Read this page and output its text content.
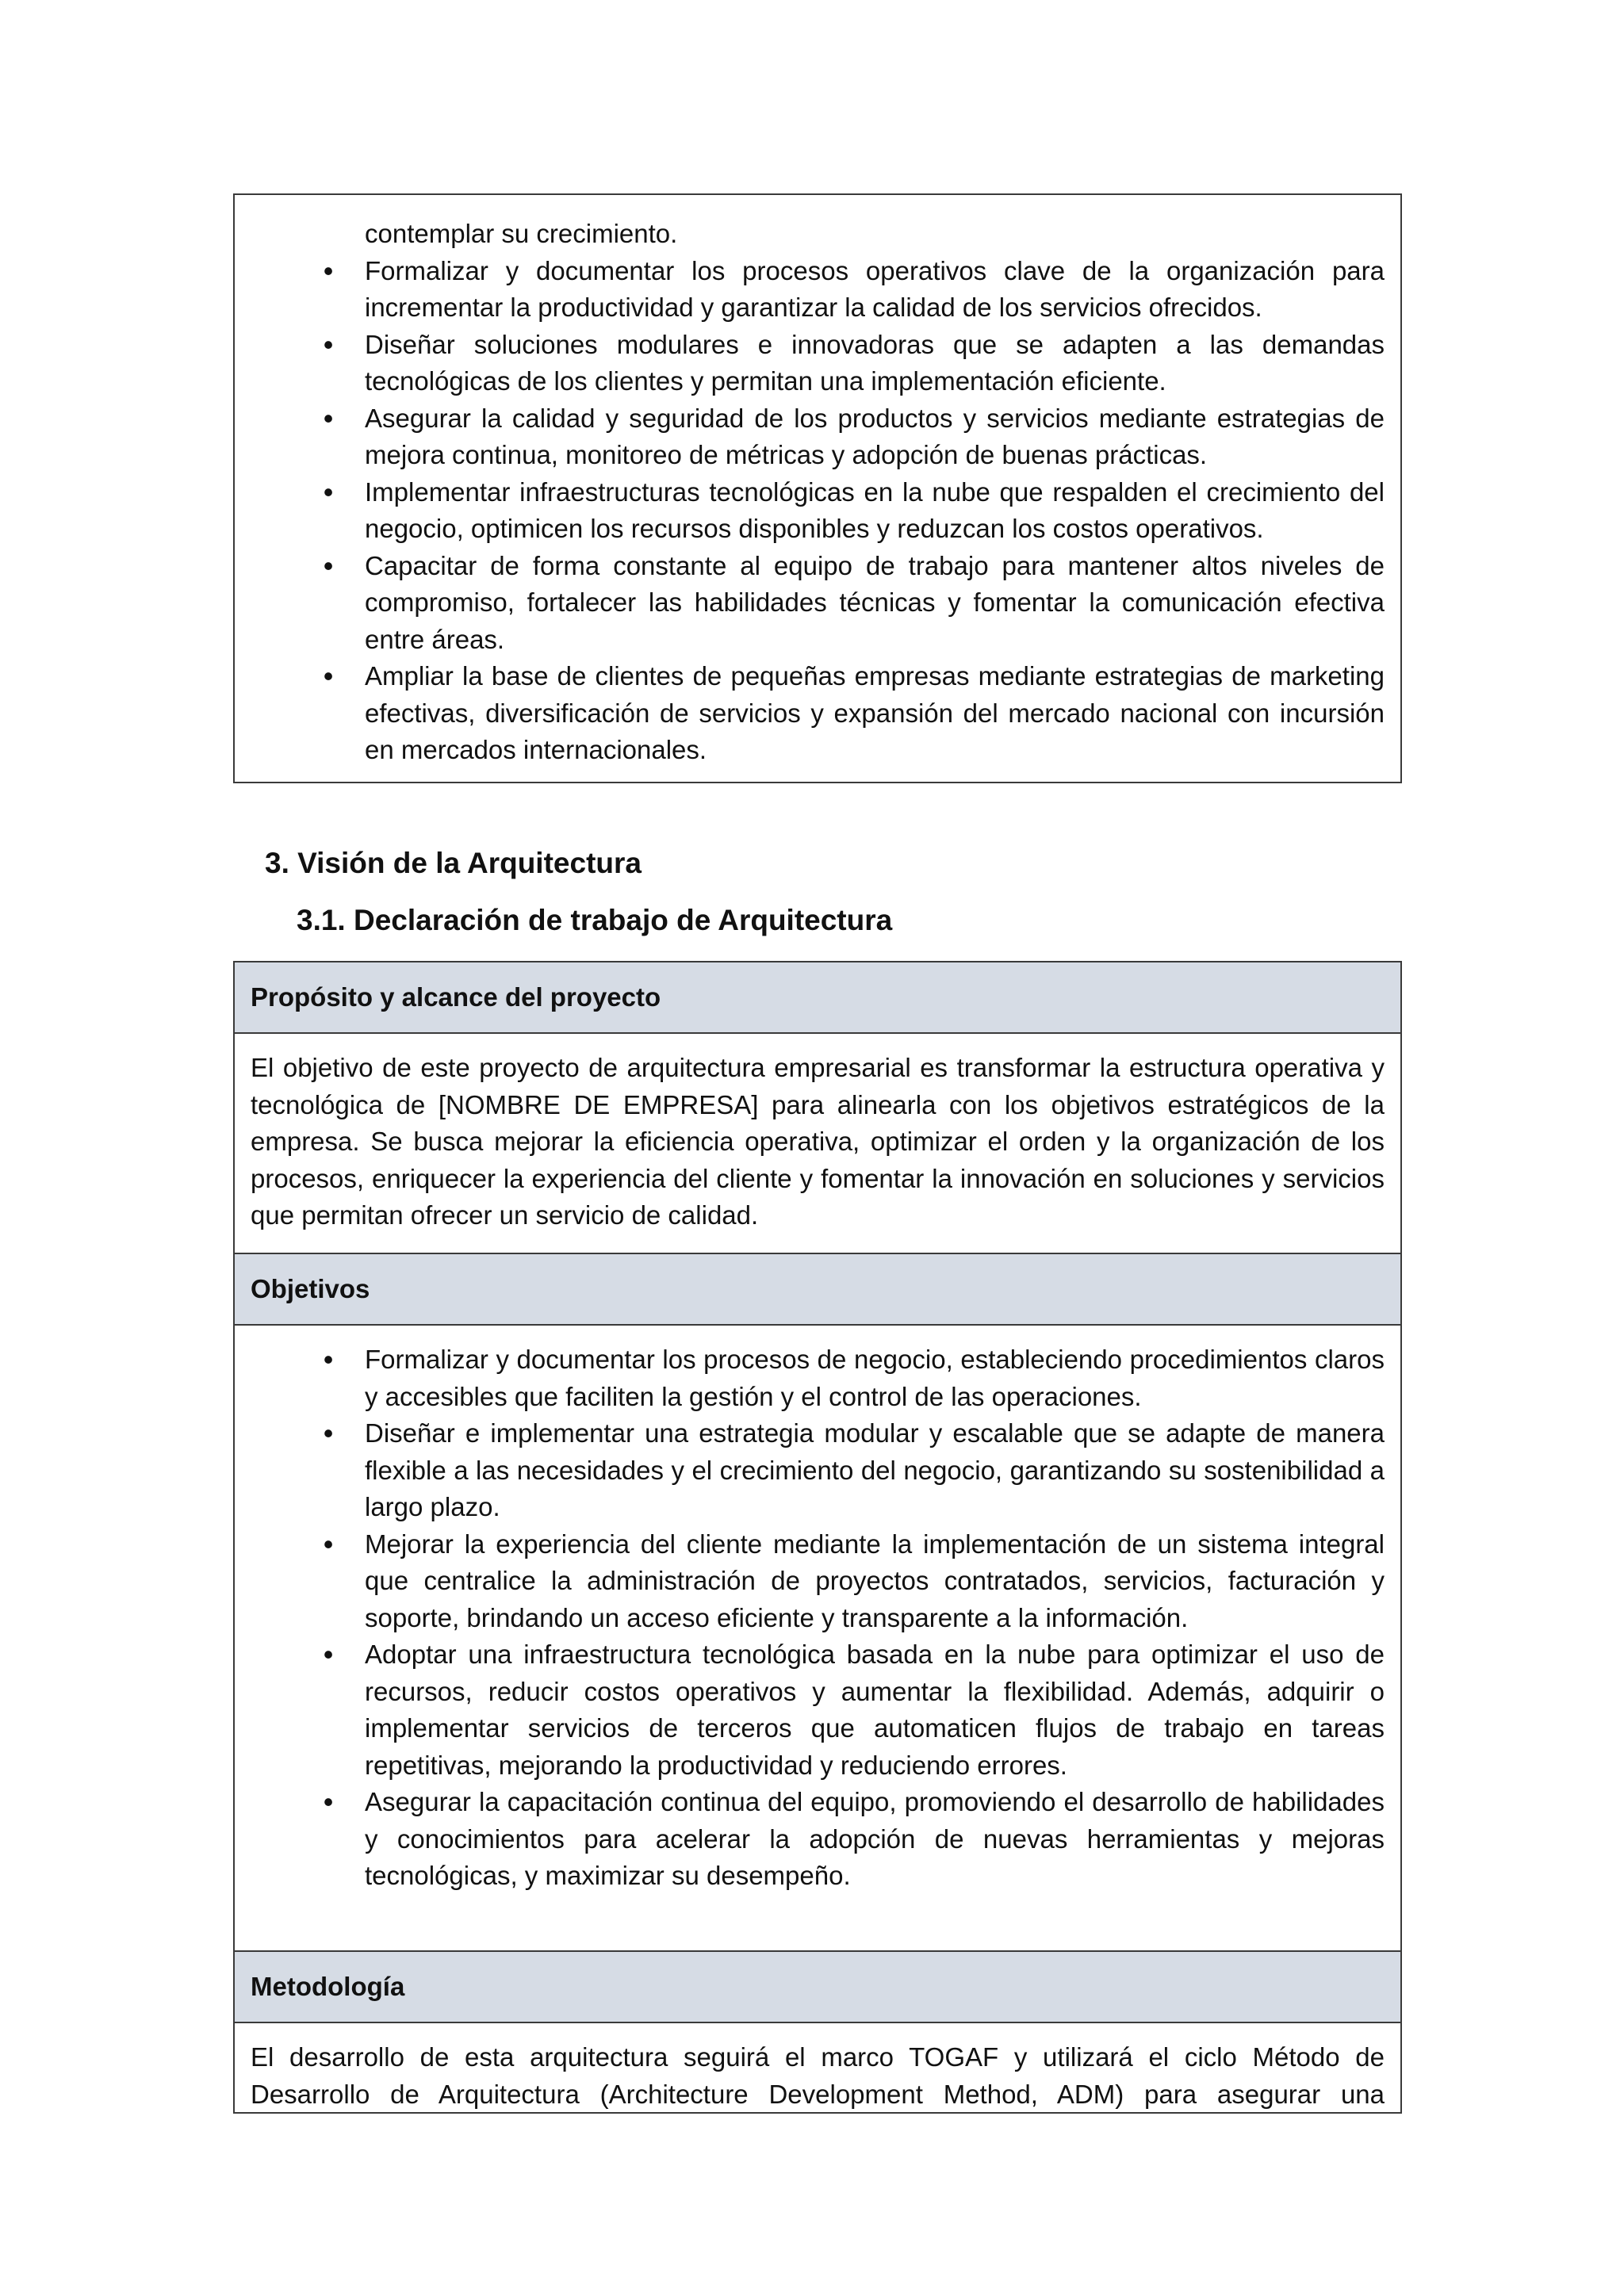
contemplar su crecimiento.

•
Formalizar y documentar los procesos operativos clave de la organización para incrementar la productividad y garantizar la calidad de los servicios ofrecidos.
•
Diseñar soluciones modulares e innovadoras que se adapten a las demandas tecnológicas de los clientes y permitan una implementación eficiente.
•
Asegurar la calidad y seguridad de los productos y servicios mediante estrategias de mejora continua, monitoreo de métricas y adopción de buenas prácticas.
•
Implementar infraestructuras tecnológicas en la nube que respalden el crecimiento del negocio, optimicen los recursos disponibles y reduzcan los costos operativos.
•
Capacitar de forma constante al equipo de trabajo para mantener altos niveles de compromiso, fortalecer las habilidades técnicas y fomentar la comunicación efectiva entre áreas.
•
Ampliar la base de clientes de pequeñas empresas mediante estrategias de marketing efectivas, diversificación de servicios y expansión del mercado nacional con incursión en mercados internacionales.
3. Visión de la Arquitectura
3.1. Declaración de trabajo de Arquitectura
Propósito y alcance del proyecto

El objetivo de este proyecto de arquitectura empresarial es transformar la estructura operativa y tecnológica de [NOMBRE DE EMPRESA] para alinearla con los objetivos estratégicos de la empresa. Se busca mejorar la eficiencia operativa, optimizar el orden y la organización de los procesos, enriquecer la experiencia del cliente y fomentar la innovación en soluciones y servicios que permitan ofrecer un servicio de calidad.

Objetivos
•
Formalizar y documentar los procesos de negocio, estableciendo procedimientos claros y accesibles que faciliten la gestión y el control de las operaciones.
•
Diseñar e implementar una estrategia modular y escalable que se adapte de manera flexible a las necesidades y el crecimiento del negocio, garantizando su sostenibilidad a largo plazo.
•
Mejorar la experiencia del cliente mediante la implementación de un sistema integral que centralice la administración de proyectos contratados, servicios, facturación y soporte, brindando un acceso eficiente y transparente a la información.
•
Adoptar una infraestructura tecnológica basada en la nube para optimizar el uso de recursos, reducir costos operativos y aumentar la flexibilidad. Además, adquirir o implementar servicios de terceros que automaticen flujos de trabajo en tareas repetitivas, mejorando la productividad y reduciendo errores.
•
Asegurar la capacitación continua del equipo, promoviendo el desarrollo de habilidades y conocimientos para acelerar la adopción de nuevas herramientas y mejoras tecnológicas, y maximizar su desempeño.
Metodología

El desarrollo de esta arquitectura seguirá el marco TOGAF y utilizará el ciclo Método de Desarrollo de Arquitectura (Architecture Development Method, ADM) para asegurar una
